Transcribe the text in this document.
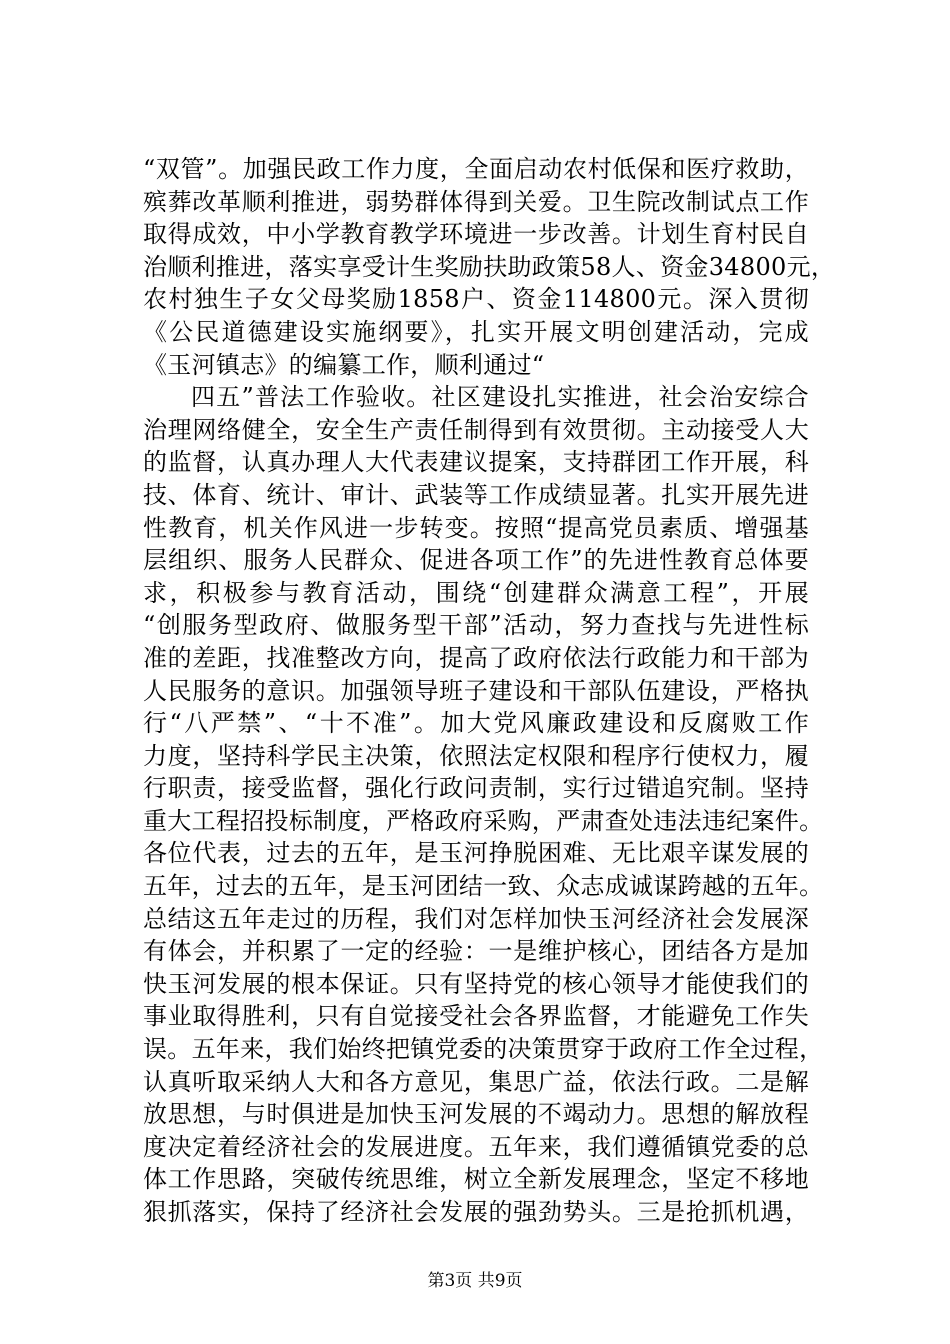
“双管”。加强民政工作力度，全面启动农村低保和医疗救助，
殡葬改革顺利推进，弱势群体得到关爱。卫生院改制试点工作
取得成效，中小学教育教学环境进一步改善。计划生育村民自
治顺利推进，落实享受计生奖励扶助政策58人、资金34800元，
农村独生子女父母奖励1858户、资金114800元。深入贯彻
《公民道德建设实施纲要》，扎实开展文明创建活动，完成
《玉河镇志》的编纂工作，顺利通过“
四五”普法工作验收。社区建设扎实推进，社会治安综合
治理网络健全，安全生产责任制得到有效贯彻。主动接受人大
的监督，认真办理人大代表建议提案，支持群团工作开展，科
技、体育、统计、审计、武装等工作成绩显著。扎实开展先进
性教育，机关作风进一步转变。按照“提高党员素质、增强基
层组织、服务人民群众、促进各项工作”的先进性教育总体要
求，积极参与教育活动，围绕“创建群众满意工程”，开展
“创服务型政府、做服务型干部”活动，努力查找与先进性标
准的差距，找准整改方向，提高了政府依法行政能力和干部为
人民服务的意识。加强领导班子建设和干部队伍建设，严格执
行“八严禁”、“十不准”。加大党风廉政建设和反腐败工作
力度，坚持科学民主决策，依照法定权限和程序行使权力，履
行职责，接受监督，强化行政问责制，实行过错追究制。坚持
重大工程招投标制度，严格政府采购，严肃查处违法违纪案件。
各位代表，过去的五年，是玉河挣脱困难、无比艰辛谋发展的
五年，过去的五年，是玉河团结一致、众志成诚谋跨越的五年。
总结这五年走过的历程，我们对怎样加快玉河经济社会发展深
有体会，并积累了一定的经验：一是维护核心，团结各方是加
快玉河发展的根本保证。只有坚持党的核心领导才能使我们的
事业取得胜利，只有自觉接受社会各界监督，才能避免工作失
误。五年来，我们始终把镇党委的决策贯穿于政府工作全过程，
认真听取采纳人大和各方意见，集思广益，依法行政。二是解
放思想，与时俱进是加快玉河发展的不竭动力。思想的解放程
度决定着经济社会的发展进度。五年来，我们遵循镇党委的总
体工作思路，突破传统思维，树立全新发展理念，坚定不移地
狠抓落实，保持了经济社会发展的强劲势头。三是抢抓机遇，
第3页 共9页
